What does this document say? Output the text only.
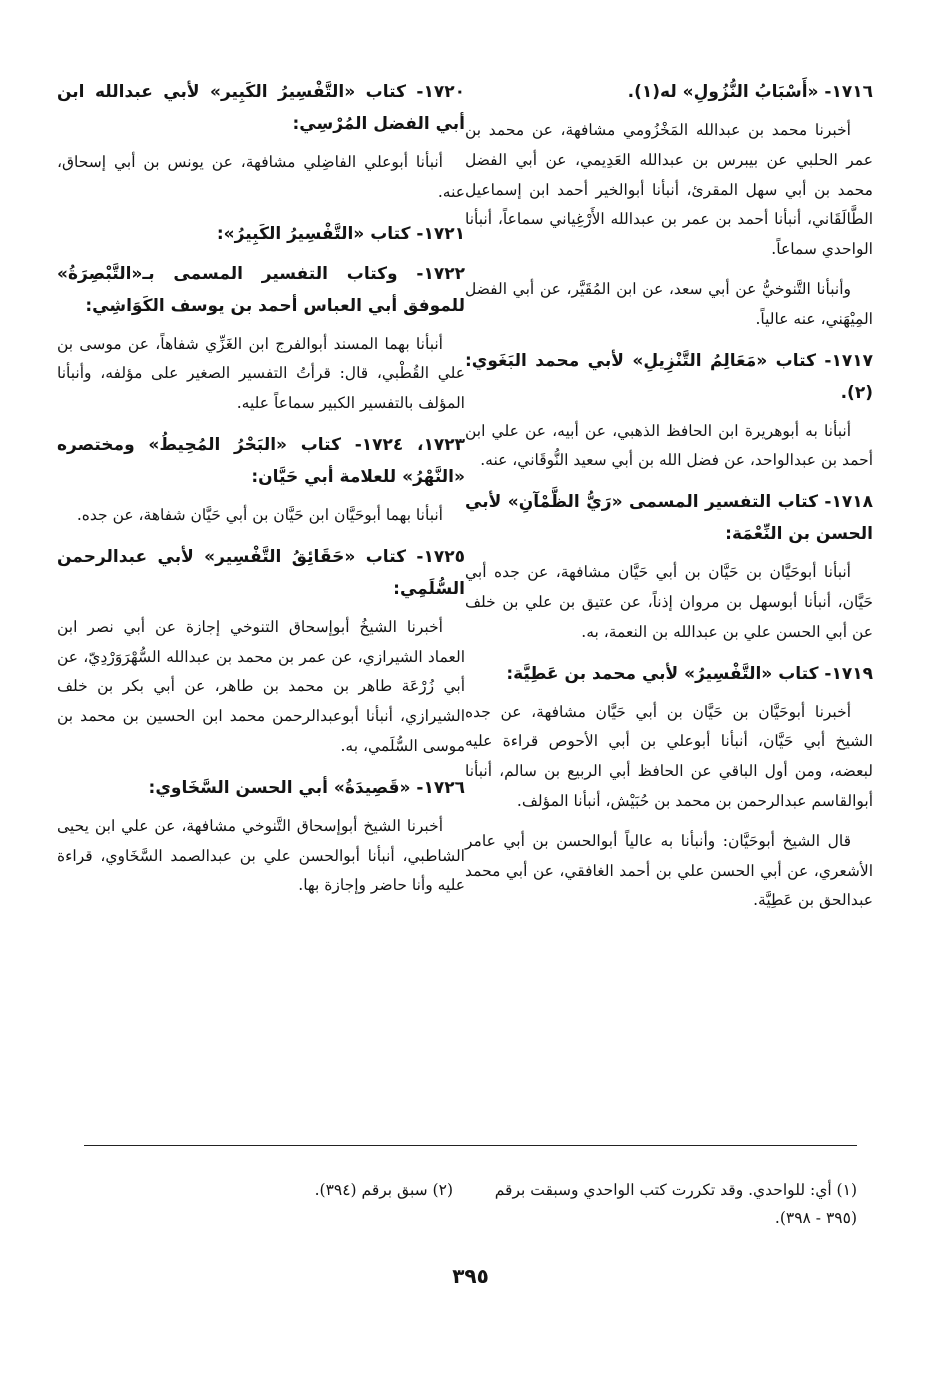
١٧١٦- «أَسْبَابُ النُّزُولِ» له(١).

أخبرنا محمد بن عبدالله المَخْزُومي مشافهة، عن محمد بن عمر الحلبي عن بيبرس بن عبدالله العَدِيمي، عن أبي الفضل محمد بن أبي سهل المقرئ، أنبأنا أبوالخير أحمد ابن إسماعيل الطَّالَقَاني، أنبأنا أحمد بن عمر بن عبدالله الأَرْغِياني سماعاً، أنبأنا الواحدي سماعاً.

وأنبأنا التَّنوخيُّ عن أبي سعد، عن ابن المُقَيَّر، عن أبي الفضل المِيْهَني، عنه عالياً.

١٧١٧- كتاب «مَعَالِمُ التَّنْزِيلِ» لأبي محمد البَغَوي:(٢).

أنبأنا به أبوهريرة ابن الحافظ الذهبي، عن أبيه، عن علي ابن أحمد بن عبدالواحد، عن فضل الله بن أبي سعيد النُّوقَاني، عنه.

١٧١٨- كتاب التفسير المسمى «رَيُّ الظَّمْآنِ» لأبي الحسن بن النِّعْمَة:

أنبأنا أبوحَيَّان بن حَيَّان بن أبي حَيَّان مشافهة، عن جده أبي حَيَّان، أنبأنا أبوسهل بن مروان إذناً، عن عتيق بن علي بن خلف عن أبي الحسن علي بن عبدالله بن النعمة، به.

١٧١٩- كتاب «التَّفْسِيرُ» لأبي محمد بن عَطِيَّة:

أخبرنا أبوحَيَّان بن حَيَّان بن أبي حَيَّان مشافهة، عن جده الشيخ أبي حَيَّان، أنبأنا أبوعلي بن أبي الأحوص قراءة عليه لبعضه، ومن أول الباقي عن الحافظ أبي الربيع بن سالم، أنبأنا أبوالقاسم عبدالرحمن بن محمد بن حُبَيْش، أنبأنا المؤلف.

قال الشيخ أبوحَيَّان: وأنبأنا به عالياً أبوالحسن بن أبي عامر الأشعري، عن أبي الحسن علي بن أحمد الغافقي، عن أبي محمد عبدالحق بن عَطِيَّة.

١٧٢٠- كتاب «التَّفْسِيرُ الكَبِير» لأبي عبدالله ابن أبي الفضل المُرْسِي:

أنبأنا أبوعلي الفاضِلي مشافهة، عن يونس بن أبي إسحاق، عنه.

١٧٢١- كتاب «التَّفْسِيرُ الكَبِيرُ»:
١٧٢٢- وكتاب التفسير المسمى بـ«التَّبْصِرَةُ» للموفق أبي العباس أحمد بن يوسف الكَوَاشِي:

أنبأنا بهما المسند أبوالفرج ابن الغَزِّي شفاهاً، عن موسى بن علي القُطْبي، قال: قرأتُ التفسير الصغير على مؤلفه، وأنبأنا المؤلف بالتفسير الكبير سماعاً عليه.

١٧٢٣، ١٧٢٤- كتاب «البَحْرُ المُحِيطُ» ومختصره «النَّهْرُ» للعلامة أبي حَيَّان:

أنبأنا بهما أبوحَيَّان ابن حَيَّان بن أبي حَيَّان شفاهة، عن جده.

١٧٢٥- كتاب «حَقَائِقُ التَّفْسِير» لأبي عبدالرحمن السُّلَمِي:

أخبرنا الشيخُ أبوإسحاق التنوخي إجازة عن أبي نصر ابن العماد الشيرازي، عن عمر بن محمد بن عبدالله السُّهْرَوَرْدِيّ، عن أبي زُرْعَة طاهر بن محمد بن طاهر، عن أبي بكر بن خلف الشيرازي، أنبأنا أبوعبدالرحمن محمد ابن الحسين بن محمد بن موسى السُّلَمي، به.

١٧٢٦- «قَصِيدَةُ» أبي الحسن السَّخَاوي:

أخبرنا الشيخ أبوإسحاق التَّنوخي مشافهة، عن علي ابن يحيى الشاطبي، أنبأنا أبوالحسن علي بن عبدالصمد السَّخَاوي، قراءة عليه وأنا حاضر وإجازة بها.

(١) أي: للواحدي. وقد تكررت كتب الواحدي وسبقت برقم (٣٩٥ - ٣٩٨).
(٢) سبق برقم (٣٩٤).
٣٩٥
